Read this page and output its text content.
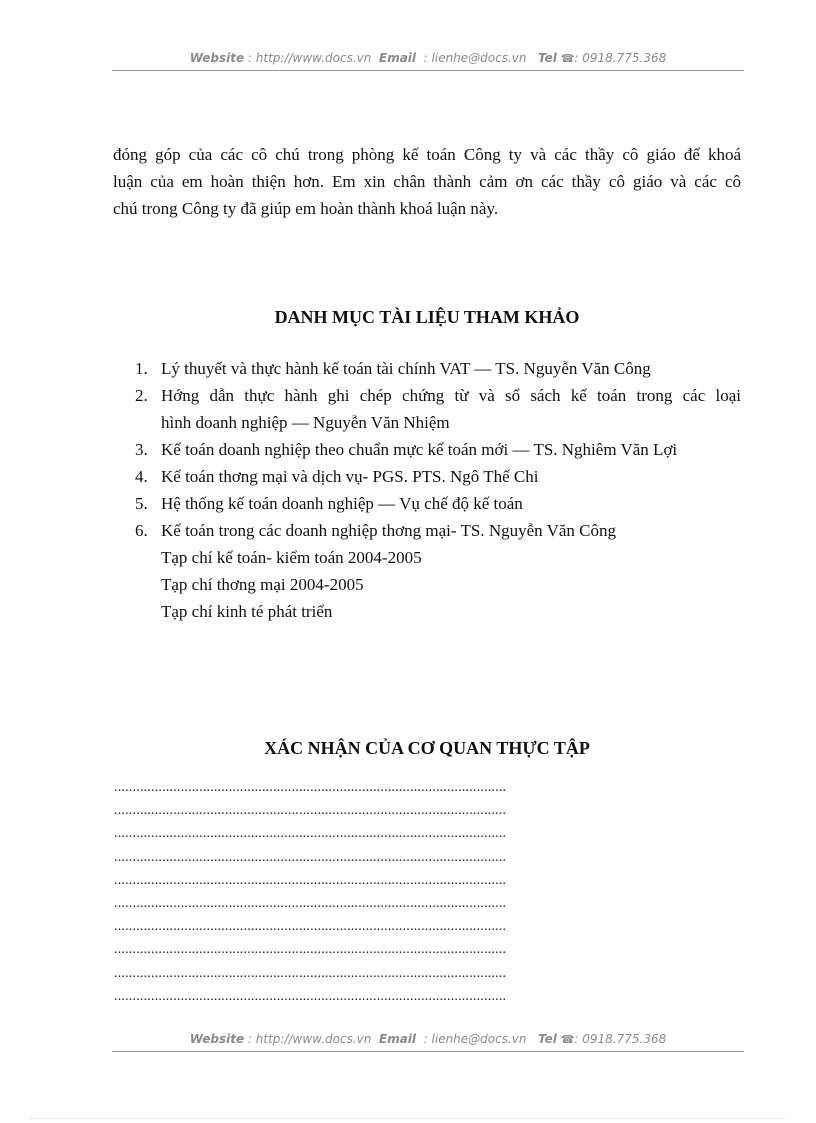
Website : http://www.docs.vn Email : lienhe@docs.vn Tel ☎: 0918.775.368
đóng góp của các cô chú trong phòng kế toán Công ty và các thầy cô giáo để khoá
luận của em hoàn thiện hơn. Em xin chân thành cảm ơn các thầy cô giáo và các cô
chú trong Công ty đã giúp em hoàn thành khoá luận này.
DANH MỤC TÀI LIỆU THAM KHẢO
1. Lý thuyết và thực hành kế toán tài chính VAT — TS. Nguyễn Văn Công
2. Hớng dẫn thực hành ghi chép chứng từ và sổ sách kế toán trong các loại
hình doanh nghiệp — Nguyễn Văn Nhiệm
3. Kế toán doanh nghiệp theo chuẩn mực kế toán mới — TS. Nghiêm Văn Lợi
4. Kế toán thơng mại và dịch vụ- PGS. PTS. Ngô Thế Chi
5. Hệ thống kế toán doanh nghiệp — Vụ chế độ kế toán
6. Kế toán trong các doanh nghiệp thơng mại- TS. Nguyễn Văn Công
Tạp chí kế toán- kiểm toán 2004-2005
Tạp chí thơng mại 2004-2005
Tạp chí kinh té phát triển
XÁC NHẬN CỦA CƠ QUAN THỰC TẬP
..........................................................................................................
..........................................................................................................
..........................................................................................................
..........................................................................................................
..........................................................................................................
..........................................................................................................
..........................................................................................................
..........................................................................................................
..........................................................................................................
..........................................................................................................
Website : http://www.docs.vn Email : lienhe@docs.vn Tel ☎: 0918.775.368
